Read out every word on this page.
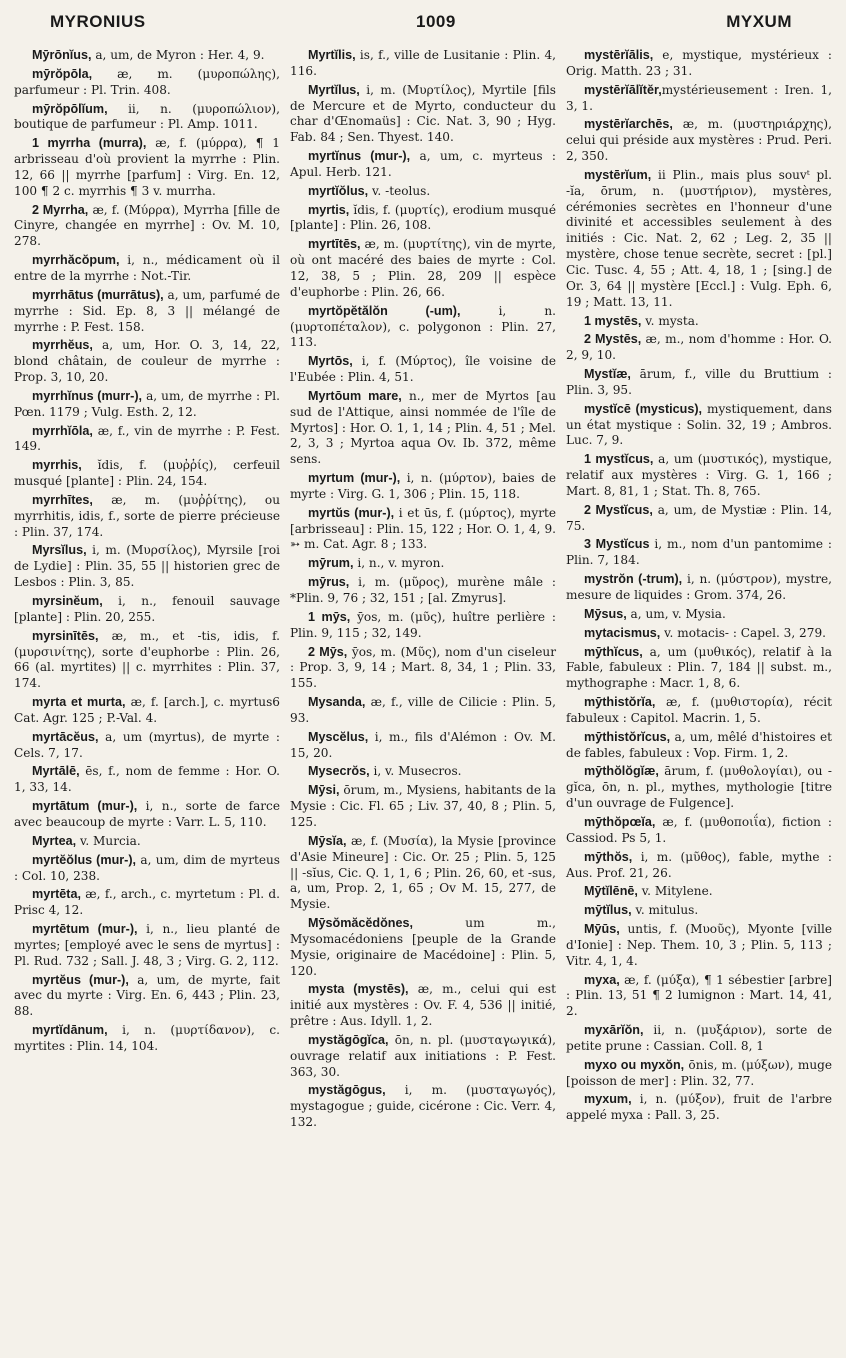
MYRONIUS	1009	MYXUM

Mȳrōnĭus, a, um, de Myron : Her. 4, 9.

mȳrŏpōla, æ, m. (μυροπώλης), parfumeur : Pl. Trin. 408.

mȳrŏpōlĭum, ii, n. (μυροπώλιον), boutique de parfumeur : Pl. Amp. 1011.

1 myrrha (murra), æ, f. (μύρρα), ¶ 1 arbrisseau d'où provient la myrrhe : Plin. 12, 66 || myrrhe [parfum] : Virg. En. 12, 100 ¶ 2 c. myrrhis ¶ 3 v. murrha.

2 Myrrha, æ, f. (Μύρρα), Myrrha [fille de Cinyre, changée en myrrhe] : Ov. M. 10, 278.

myrrhăcŏpum, i, n., médicament où il entre de la myrrhe : Not.-Tir.

myrrhātus (murrātus), a, um, parfumé de myrrhe : Sid. Ep. 8, 3 || mélangé de myrrhe : P. Fest. 158.

myrrhĕus, a, um, Hor. O. 3, 14, 22, blond châtain, de couleur de myrrhe : Prop. 3, 10, 20.

myrrhĭnus (murr-), a, um, de myrrhe : Pl. Pœn. 1179 ; Vulg. Esth. 2, 12.

myrrhĭōla, æ, f., vin de myrrhe : P. Fest. 149.

myrrhis, ĭdis, f. (μυῤῥίς), cerfeuil musqué [plante] : Plin. 24, 154.

myrrhītes, æ, m. (μυῤῥίτης), ou myrrhitis, idis, f., sorte de pierre précieuse : Plin. 37, 174.

Myrsĭlus, i, m. (Μυρσίλος), Myrsile [roi de Lydie] : Plin. 35, 55 || historien grec de Lesbos : Plin. 3, 85.

myrsinĕum, i, n., fenouil sauvage [plante] : Plin. 20, 255.

myrsinītēs, æ, m., et -tis, idis, f. (μυρσινίτης), sorte d'euphorbe : Plin. 26, 66 (al. myrtites) || c. myrrhites : Plin. 37, 174.

myrta et murta, æ, f. [arch.], c. myrtus6 Cat. Agr. 125 ; P.-Val. 4.

myrtācĕus, a, um (myrtus), de myrte : Cels. 7, 17.

Myrtālē, ēs, f., nom de femme : Hor. O. 1, 33, 14.

myrtātum (mur-), i, n., sorte de farce avec beaucoup de myrte : Varr. L. 5, 110.

Myrtea, v. Murcia.

myrtĕŏlus (mur-), a, um, dim de myrteus : Col. 10, 238.

myrtēta, æ, f., arch., c. myrtetum : Pl. d. Prisc 4, 12.

myrtētum (mur-), i, n., lieu planté de myrtes; [employé avec le sens de myrtus] : Pl. Rud. 732 ; Sall. J. 48, 3 ; Virg. G. 2, 112.

myrtĕus (mur-), a, um, de myrte, fait avec du myrte : Virg. En. 6, 443 ; Plin. 23, 88.

myrtĭdānum, i, n. (μυρτίδανον), c. myrtites : Plin. 14, 104.

Myrtĭlis, is, f., ville de Lusitanie : Plin. 4, 116.

Myrtĭlus, i, m. (Μυρτίλος), Myrtile [fils de Mercure et de Myrto, conducteur du char d'Œnomaüs] : Cic. Nat. 3, 90 ; Hyg. Fab. 84 ; Sen. Thyest. 140.

myrtĭnus (mur-), a, um, c. myrteus : Apul. Herb. 121.

myrtĭŏlus, v. -teolus.

myrtis, ĭdis, f. (μυρτίς), erodium musqué [plante] : Plin. 26, 108.

myrtītēs, æ, m. (μυρτίτης), vin de myrte, où ont macéré des baies de myrte : Col. 12, 38, 5 ; Plin. 28, 209 || espèce d'euphorbe : Plin. 26, 66.

myrtŏpĕtălŏn (-um), i, n. (μυρτοπέταλον), c. polygonon : Plin. 27, 113.

Myrtōs, i, f. (Μύρτος), île voisine de l'Eubée : Plin. 4, 51.

Myrtōum mare, n., mer de Myrtos [au sud de l'Attique, ainsi nommée de l'île de Myrtos] : Hor. O. 1, 1, 14 ; Plin. 4, 51 ; Mel. 2, 3, 3 ; Myrtoa aqua Ov. Ib. 372, même sens.

myrtum (mur-), i, n. (μύρτον), baies de myrte : Virg. G. 1, 306 ; Plin. 15, 118.

myrtŭs (mur-), i et ūs, f. (μύρτος), myrte [arbrisseau] : Plin. 15, 122 ; Hor. O. 1, 4, 9. ➳ m. Cat. Agr. 8 ; 133.

mȳrum, i, n., v. myron.

mȳrus, i, m. (μῦρος), murène mâle : *Plin. 9, 76 ; 32, 151 ; [al. Zmyrus].

1 mȳs, ȳos, m. (μῦς), huître perlière : Plin. 9, 115 ; 32, 149.

2 Mȳs, ȳos, m. (Μῦς), nom d'un ciseleur : Prop. 3, 9, 14 ; Mart. 8, 34, 1 ; Plin. 33, 155.

Mysanda, æ, f., ville de Cilicie : Plin. 5, 93.

Myscĕlus, i, m., fils d'Alémon : Ov. M. 15, 20.

Mysecrŏs, i, v. Musecros.

Mȳsi, ōrum, m., Mysiens, habitants de la Mysie : Cic. Fl. 65 ; Liv. 37, 40, 8 ; Plin. 5, 125.

Mȳsĭa, æ, f. (Μυσία), la Mysie [province d'Asie Mineure] : Cic. Or. 25 ; Plin. 5, 125 || -sĭus, Cic. Q. 1, 1, 6 ; Plin. 26, 60, et -sus, a, um, Prop. 2, 1, 65 ; Ov M. 15, 277, de Mysie.

Mȳsŏmăcĕdŏnes, um m., Mysomacédoniens [peuple de la Grande Mysie, originaire de Macédoine] : Plin. 5, 120.

mysta (mystēs), æ, m., celui qui est initié aux mystères : Ov. F. 4, 536 || initié, prêtre : Aus. Idyll. 1, 2.

mystăgōgĭca, ōn, n. pl. (μυσταγωγικά), ouvrage relatif aux initiations : P. Fest. 363, 30.

mystăgōgus, i, m. (μυσταγωγός), mystagogue ; guide, cicérone : Cic. Verr. 4, 132.

mystērĭālis, e, mystique, mystérieux : Orig. Matth. 23 ; 31.

mystērĭālĭtĕr,mystérieusement : Iren. 1, 3, 1.

mystērĭarchēs, æ, m. (μυστηριάρχης), celui qui préside aux mystères : Prud. Peri. 2, 350.

mystērĭum, ii Plin., mais plus souvᵗ pl. -ĭa, ōrum, n. (μυστήριον), mystères, cérémonies secrètes en l'honneur d'une divinité et accessibles seulement à des initiés : Cic. Nat. 2, 62 ; Leg. 2, 35 || mystère, chose tenue secrète, secret : [pl.] Cic. Tusc. 4, 55 ; Att. 4, 18, 1 ; [sing.] de Or. 3, 64 || mystère [Eccl.] : Vulg. Eph. 6, 19 ; Matt. 13, 11.

1 mystēs, v. mysta.

2 Mystēs, æ, m., nom d'homme : Hor. O. 2, 9, 10.

Mystĭæ, ārum, f., ville du Bruttium : Plin. 3, 95.

mystĭcē (mysticus), mystiquement, dans un état mystique : Solin. 32, 19 ; Ambros. Luc. 7, 9.

1 mystĭcus, a, um (μυστικός), mystique, relatif aux mystères : Virg. G. 1, 166 ; Mart. 8, 81, 1 ; Stat. Th. 8, 765.

2 Mystĭcus, a, um, de Mystiæ : Plin. 14, 75.

3 Mystĭcus i, m., nom d'un pantomime : Plin. 7, 184.

mystrŏn (-trum), i, n. (μύστρον), mystre, mesure de liquides : Grom. 374, 26.

Mȳsus, a, um, v. Mysia.

mytacismus, v. motacis- : Capel. 3, 279.

mȳthĭcus, a, um (μυθικός), relatif à la Fable, fabuleux : Plin. 7, 184 || subst. m., mythographe : Macr. 1, 8, 6.

mȳthistŏrĭa, æ, f. (μυθιστορία), récit fabuleux : Capitol. Macrin. 1, 5.

mȳthistŏrĭcus, a, um, mêlé d'histoires et de fables, fabuleux : Vop. Firm. 1, 2.

mȳthŏlŏgĭæ, ārum, f. (μυθολογίαι), ou -gĭca, ōn, n. pl., mythes, mythologie [titre d'un ouvrage de Fulgence].

mȳthŏpœĭa, æ, f. (μυθοποιΐα), fiction : Cassiod. Ps 5, 1.

mȳthŏs, i, m. (μῦθος), fable, mythe : Aus. Prof. 21, 26.

Mȳtĭlēnē, v. Mitylene.

mȳtĭlus, v. mitulus.

Mȳūs, untis, f. (Μυοῦς), Myonte [ville d'Ionie] : Nep. Them. 10, 3 ; Plin. 5, 113 ; Vitr. 4, 1, 4.

myxa, æ, f. (μύξα), ¶ 1 sébestier [arbre] : Plin. 13, 51 ¶ 2 lumignon : Mart. 14, 41, 2.

myxārĭŏn, ii, n. (μυξάριον), sorte de petite prune : Cassian. Coll. 8, 1

myxo ou myxŏn, ōnis, m. (μύξων), muge [poisson de mer] : Plin. 32, 77.

myxum, i, n. (μύξον), fruit de l'arbre appelé myxa : Pall. 3, 25.
